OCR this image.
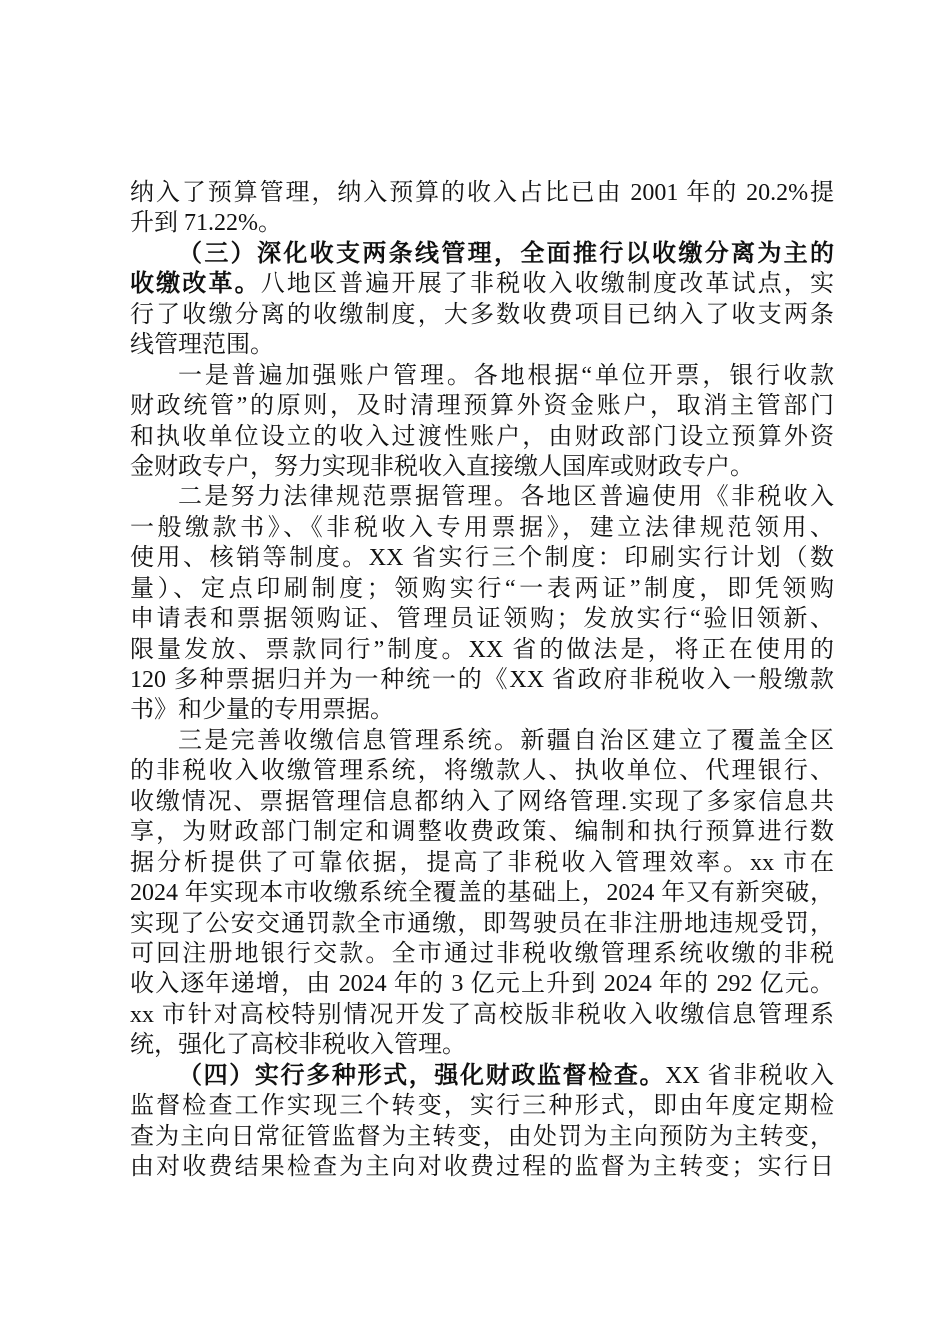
纳入了预算管理，纳入预算的收入占比已由 2001 年的 20.2%提
升到 71.22%。
（三）深化收支两条线管理，全面推行以收缴分离为主的
收缴改革。八地区普遍开展了非税收入收缴制度改革试点，实
行了收缴分离的收缴制度，大多数收费项目已纳入了收支两条
线管理范围。
一是普遍加强账户管理。各地根据“单位开票，银行收款
财政统管”的原则，及时清理预算外资金账户，取消主管部门
和执收单位设立的收入过渡性账户，由财政部门设立预算外资
金财政专户，努力实现非税收入直接缴人国库或财政专户。
二是努力法律规范票据管理。各地区普遍使用《非税收入
一般缴款书》、《非税收入专用票据》，建立法律规范领用、
使用、核销等制度。XX 省实行三个制度：印刷实行计划（数
量）、定点印刷制度；领购实行“一表两证”制度，即凭领购
申请表和票据领购证、管理员证领购；发放实行“验旧领新、
限量发放、票款同行”制度。XX 省的做法是，将正在使用的
120 多种票据归并为一种统一的《XX 省政府非税收入一般缴款
书》和少量的专用票据。
三是完善收缴信息管理系统。新疆自治区建立了覆盖全区
的非税收入收缴管理系统，将缴款人、执收单位、代理银行、
收缴情况、票据管理信息都纳入了网络管理.实现了多家信息共
享，为财政部门制定和调整收费政策、编制和执行预算进行数
据分析提供了可靠依据，提高了非税收入管理效率。xx 市在
2024 年实现本市收缴系统全覆盖的基础上，2024 年又有新突破，
实现了公安交通罚款全市通缴，即驾驶员在非注册地违规受罚，
可回注册地银行交款。全市通过非税收缴管理系统收缴的非税
收入逐年递增，由 2024 年的 3 亿元上升到 2024 年的 292 亿元。
xx 市针对高校特别情况开发了高校版非税收入收缴信息管理系
统，强化了高校非税收入管理。
（四）实行多种形式，强化财政监督检查。XX 省非税收入
监督检查工作实现三个转变，实行三种形式，即由年度定期检
查为主向日常征管监督为主转变，由处罚为主向预防为主转变，
由对收费结果检查为主向对收费过程的监督为主转变；实行日
